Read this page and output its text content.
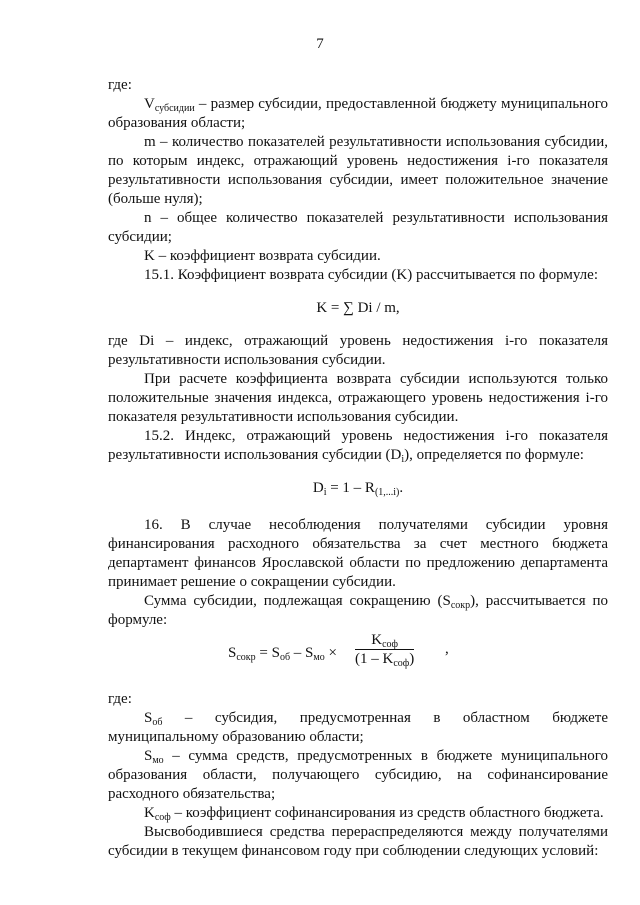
7

где:

$V_{субсидии}$ – размер субсидии, предоставленной бюджету муниципального образования области;

m – количество показателей результативности использования субсидии, по которым индекс, отражающий уровень недостижения i-го показателя результативности использования субсидии, имеет положительное значение (больше нуля);

n – общее количество показателей результативности использования субсидии;

K – коэффициент возврата субсидии.

15.1. Коэффициент возврата субсидии (K) рассчитывается по формуле:

K = ∑ Di / m,

где Di – индекс, отражающий уровень недостижения i-го показателя результативности использования субсидии.

При расчете коэффициента возврата субсидии используются только положительные значения индекса, отражающего уровень недостижения i-го показателя результативности использования субсидии.

15.2. Индекс, отражающий уровень недостижения i-го показателя результативности использования субсидии $(D_i)$, определяется по формуле:

$D_i = 1 - R_{(1,...i)}$.

16. В случае несоблюдения получателями субсидии уровня финансирования расходного обязательства за счет местного бюджета департамент финансов Ярославской области по предложению департамента принимает решение о сокращении субсидии.

Сумма субсидии, подлежащая сокращению $(S_{сокр})$, рассчитывается по формуле:

$S_{сокр} = S_{об} - S_{мо}$ ×
$K_{соф}$
$(1 - K_{соф})$
,

где:

$S_{об}$ – субсидия, предусмотренная в областном бюджете муниципальному образованию области;

$S_{мо}$ – сумма средств, предусмотренных в бюджете муниципального образования области, получающего субсидию, на софинансирование расходного обязательства;

$K_{соф}$ – коэффициент софинансирования из средств областного бюджета.

Высвободившиеся средства перераспределяются между получателями субсидии в текущем финансовом году при соблюдении следующих условий:
